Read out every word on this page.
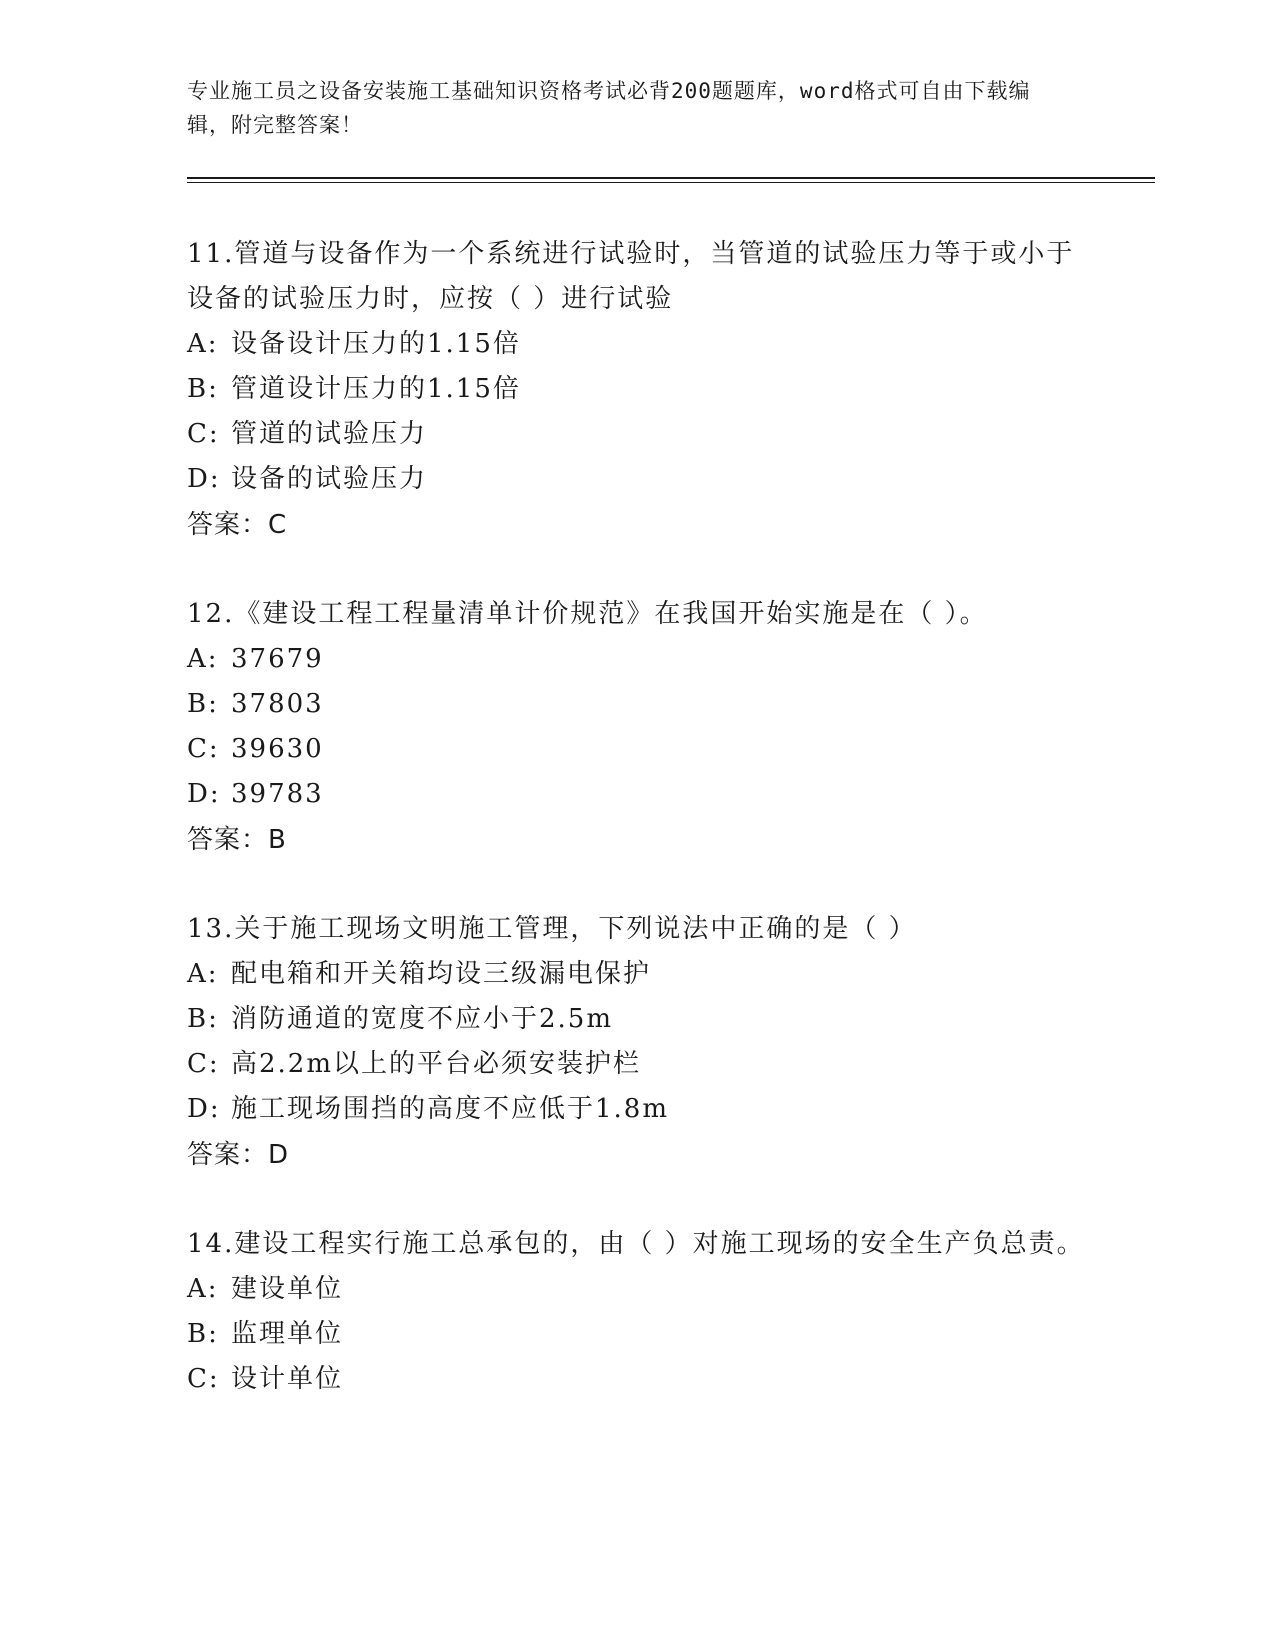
专业施工员之设备安装施工基础知识资格考试必背200题题库，word格式可自由下载编辑，附完整答案！

11.管道与设备作为一个系统进行试验时，当管道的试验压力等于或小于设备的试验压力时，应按（ ）进行试验

A: 设备设计压力的1.15倍

B: 管道设计压力的1.15倍

C: 管道的试验压力

D: 设备的试验压力

答案：C

12.《建设工程工程量清单计价规范》在我国开始实施是在（ ）。

A: 37679

B: 37803

C: 39630

D: 39783

答案：B

13.关于施工现场文明施工管理，下列说法中正确的是（ ）

A: 配电箱和开关箱均设三级漏电保护

B: 消防通道的宽度不应小于2.5m

C: 高2.2m以上的平台必须安装护栏

D: 施工现场围挡的高度不应低于1.8m

答案：D

14.建设工程实行施工总承包的，由（ ）对施工现场的安全生产负总责。

A: 建设单位

B: 监理单位

C: 设计单位
